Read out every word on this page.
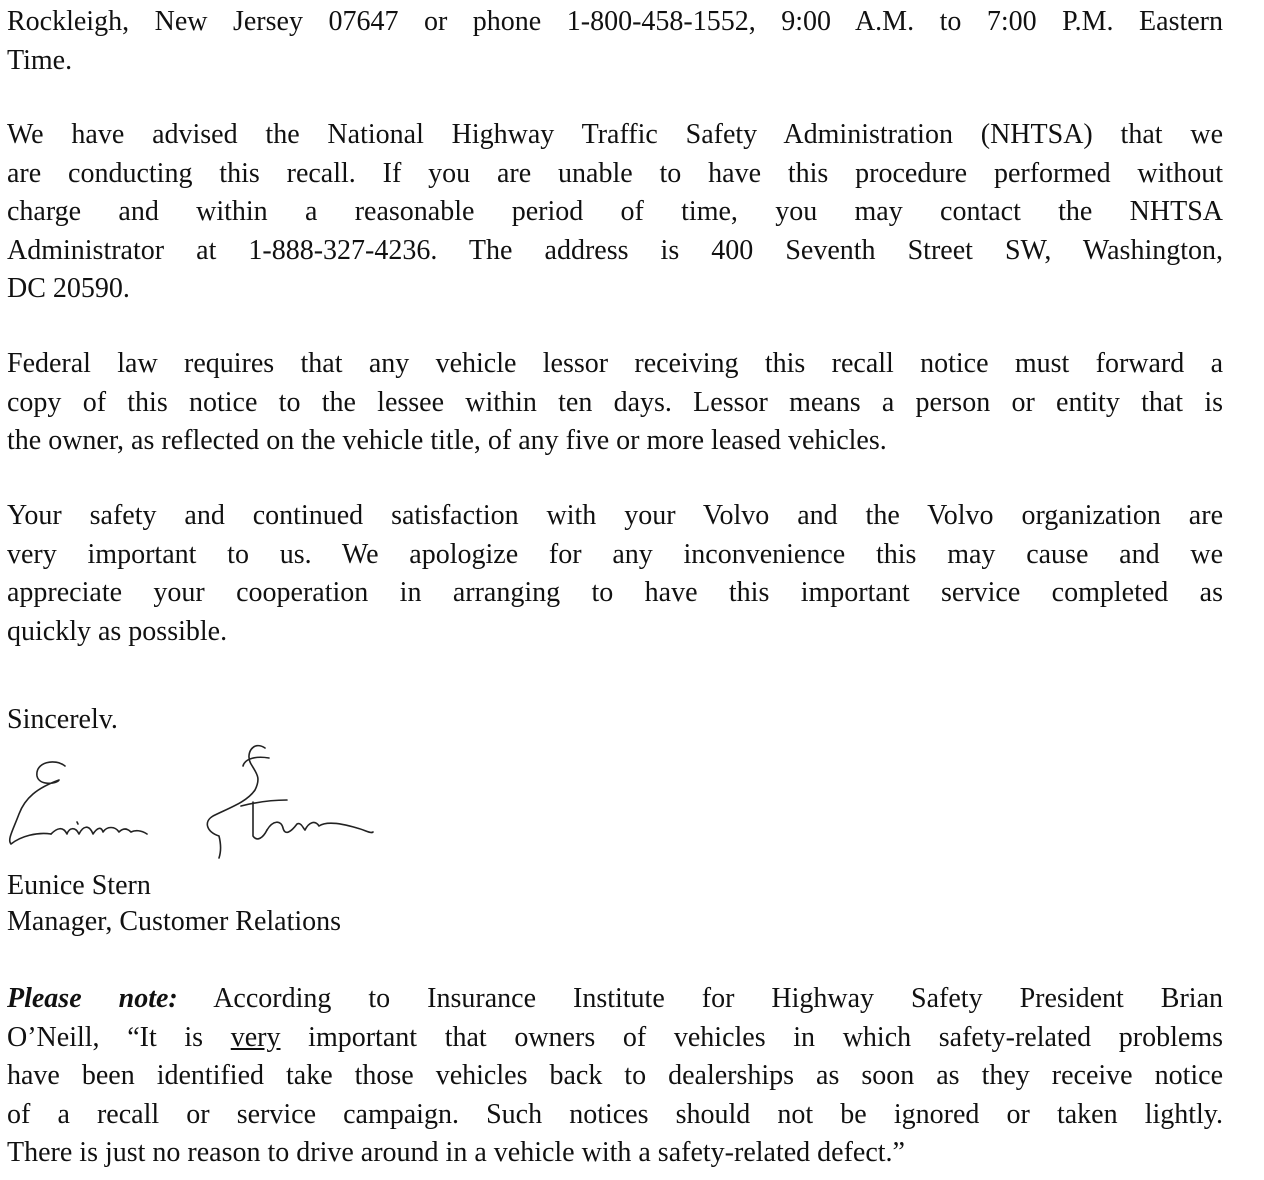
Rockleigh, New Jersey 07647 or phone 1-800-458-1552, 9:00 A.M. to 7:00 P.M. Eastern
Time.

We have advised the National Highway Traffic Safety Administration (NHTSA) that we
are conducting this recall. If you are unable to have this procedure performed without
charge and within a reasonable period of time, you may contact the NHTSA
Administrator at 1-888-327-4236. The address is 400 Seventh Street SW, Washington,
DC 20590.

Federal law requires that any vehicle lessor receiving this recall notice must forward a
copy of this notice to the lessee within ten days. Lessor means a person or entity that is
the owner, as reflected on the vehicle title, of any five or more leased vehicles.

Your safety and continued satisfaction with your Volvo and the Volvo organization are
very important to us. We apologize for any inconvenience this may cause and we
appreciate your cooperation in arranging to have this important service completed as
quickly as possible.

Sincerelv.
Eunice Stern
Manager, Customer Relations

Please note: According to Insurance Institute for Highway Safety President Brian
O’Neill, “It is very important that owners of vehicles in which safety-related problems
have been identified take those vehicles back to dealerships as soon as they receive notice
of a recall or service campaign. Such notices should not be ignored or taken lightly.
There is just no reason to drive around in a vehicle with a safety-related defect.”
